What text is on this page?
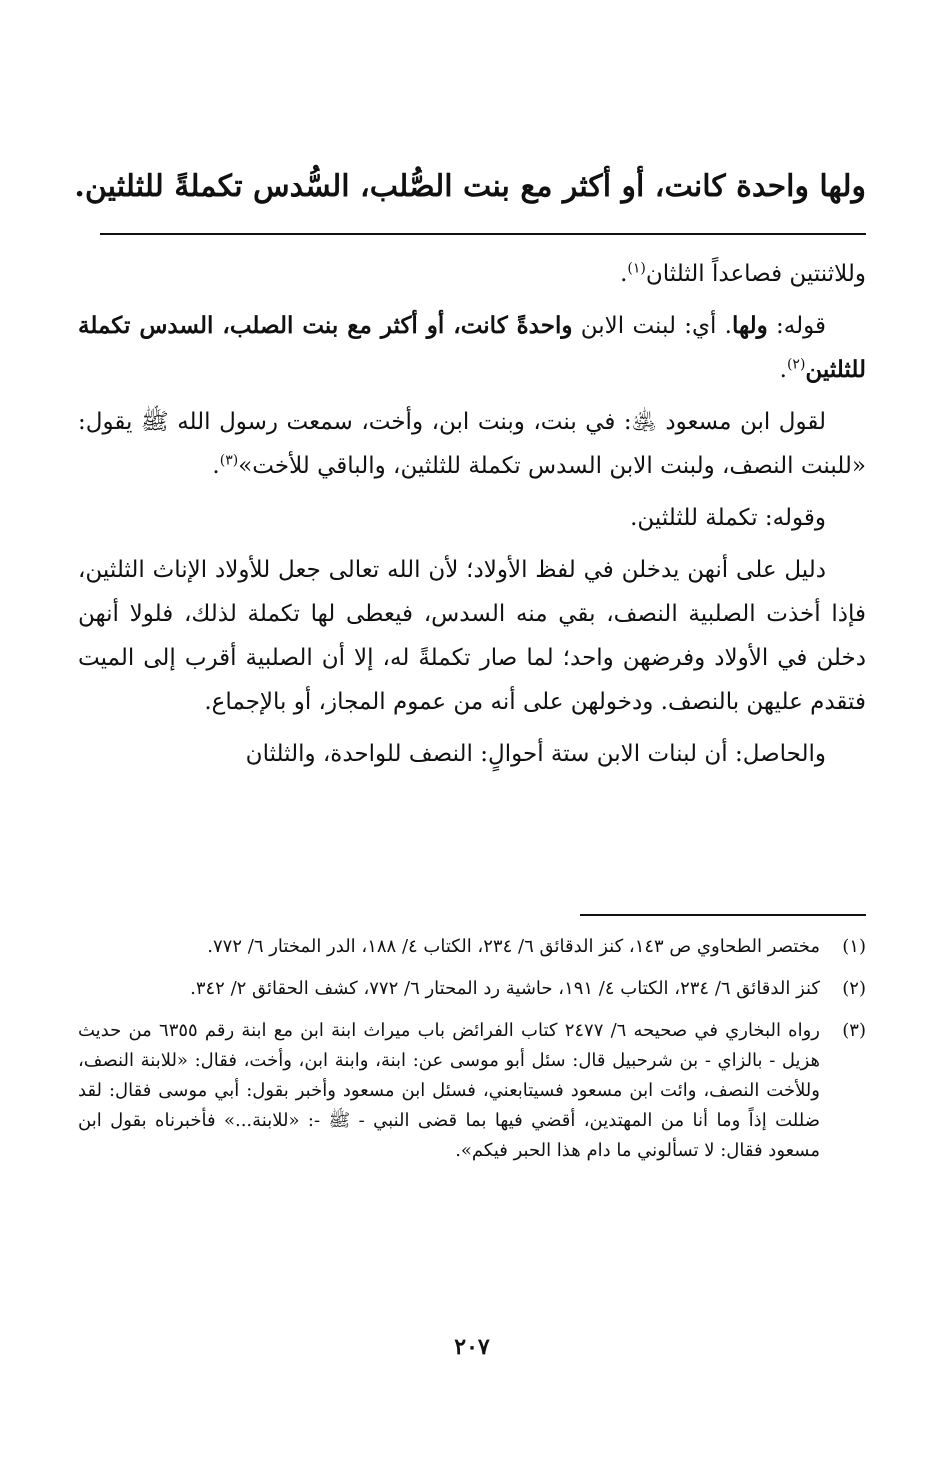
ولها واحدة كانت، أو أكثر مع بنت الصُّلب، السُّدس تكملةً للثلثين.

وللاثنتين فصاعداً الثلثان$^{(١)}$.

قوله: ولها. أي: لبنت الابن واحدةً كانت، أو أكثر مع بنت الصلب، السدس تكملة للثلثين$^{(٢)}$.

لقول ابن مسعود ﵁: في بنت، وبنت ابن، وأخت، سمعت رسول الله ﷺ يقول: «للبنت النصف، ولبنت الابن السدس تكملة للثلثين، والباقي للأخت»$^{(٣)}$.

وقوله: تكملة للثلثين.

دليل على أنهن يدخلن في لفظ الأولاد؛ لأن الله تعالى جعل للأولاد الإناث الثلثين، فإذا أخذت الصلبية النصف، بقي منه السدس، فيعطى لها تكملة لذلك، فلولا أنهن دخلن في الأولاد وفرضهن واحد؛ لما صار تكملةً له، إلا أن الصلبية أقرب إلى الميت فتقدم عليهن بالنصف. ودخولهن على أنه من عموم المجاز، أو بالإجماع.

والحاصل: أن لبنات الابن ستة أحوالٍ: النصف للواحدة، والثلثان

(١)
مختصر الطحاوي ص ١٤٣، كنز الدقائق ٦/ ٢٣٤، الكتاب ٤/ ١٨٨، الدر المختار ٦/ ٧٧٢.
(٢)
كنز الدقائق ٦/ ٢٣٤، الكتاب ٤/ ١٩١، حاشية رد المحتار ٦/ ٧٧٢، كشف الحقائق ٢/ ٣٤٢.
(٣)
رواه البخاري في صحيحه ٦/ ٢٤٧٧ كتاب الفرائض باب ميراث ابنة ابن مع ابنة رقم ٦٣٥٥ من حديث هزيل - بالزاي - بن شرحبيل قال: سئل أبو موسى عن: ابنة، وابنة ابن، وأخت، فقال: «للابنة النصف، وللأخت النصف، وائت ابن مسعود فسيتابعني، فسئل ابن مسعود وأخبر بقول: أبي موسى فقال: لقد ضللت إذاً وما أنا من المهتدين، أقضي فيها بما قضى النبي - ﷺ -: «للابنة...» فأخبرناه بقول ابن مسعود فقال: لا تسألوني ما دام هذا الحبر فيكم».
٢٠٧
